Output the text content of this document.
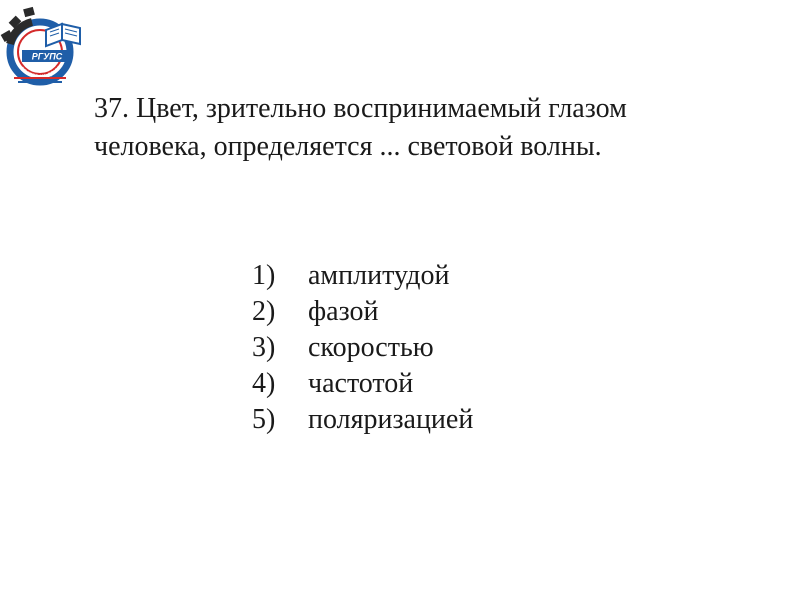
РГУПС
РОСТОВ-НА-ДОНУ
37. Цвет, зрительно воспринимаемый глазом
человека, определяется ... световой волны.
1)	амплитудой
2)	фазой
3)	скоростью
4)	частотой
5)	поляризацией
